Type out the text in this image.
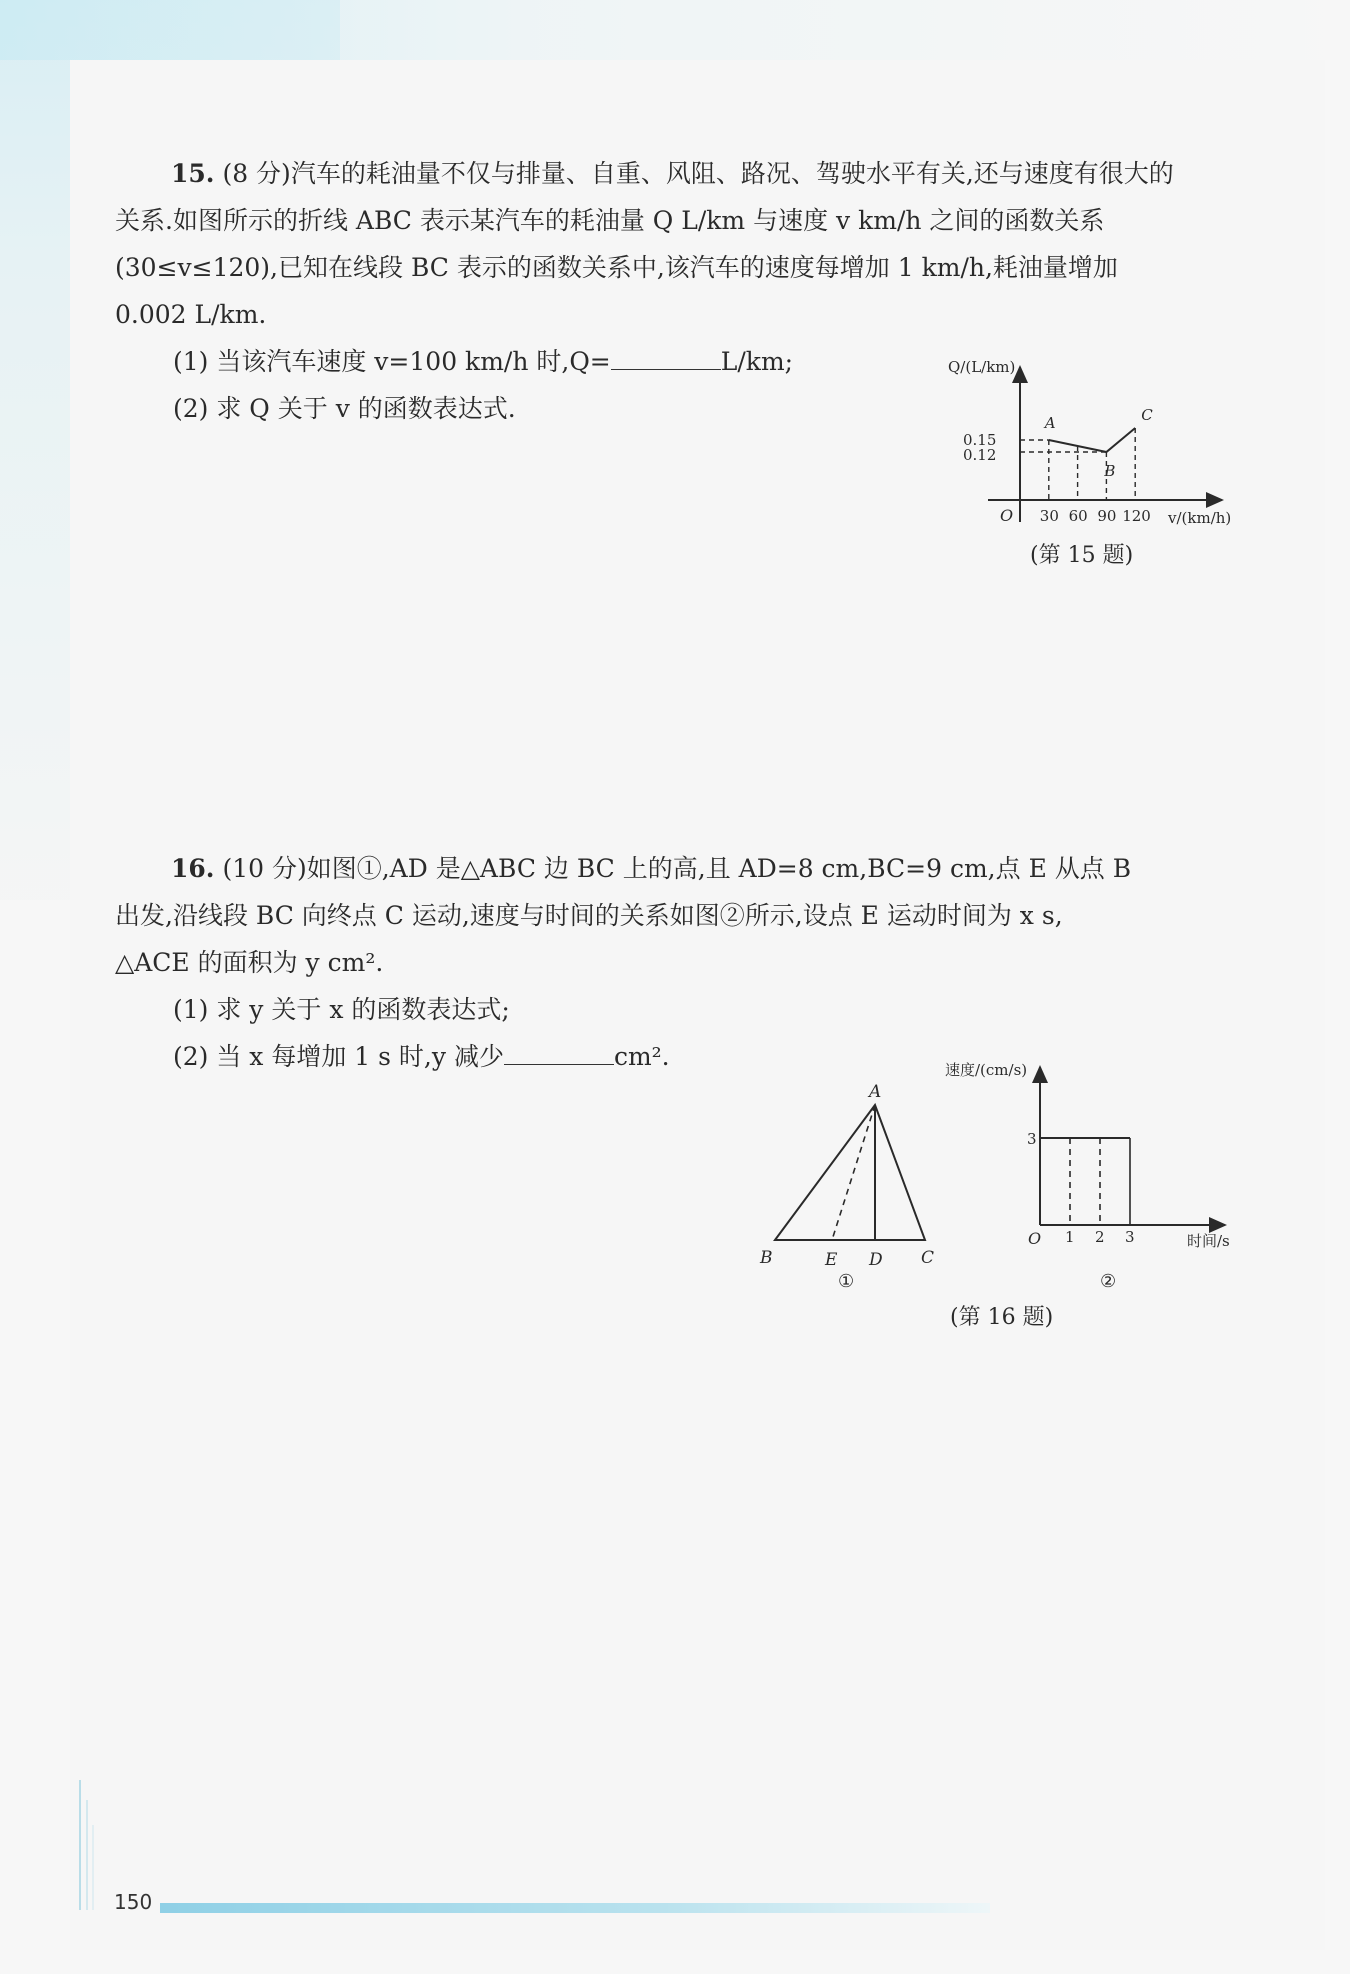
15. (8 分)汽车的耗油量不仅与排量、自重、风阻、路况、驾驶水平有关,还与速度有很大的

关系.如图所示的折线 ABC 表示某汽车的耗油量 Q L/km 与速度 v km/h 之间的函数关系

(30≤v≤120),已知在线段 BC 表示的函数关系中,该汽车的速度每增加 1 km/h,耗油量增加

0.002 L/km.

(1) 当该汽车速度 v=100 km/h 时,Q=	L/km;

(2) 求 Q 关于 v 的函数表达式.

Q/(L/km)
v/(km/h)
O 30 60 90 120
0.15
0.12
A
B
C
(第 15 题)

16. (10 分)如图①,AD 是△ABC 边 BC 上的高,且 AD=8 cm,BC=9 cm,点 E 从点 B

出发,沿线段 BC 向终点 C 运动,速度与时间的关系如图②所示,设点 E 运动时间为 x s,

△ACE 的面积为 y cm².

(1) 求 y 关于 x 的函数表达式;

(2) 当 x 每增加 1 s 时,y 减少	cm².

A
B	E D C
①
速度/(cm/s)
时间/s
O
3
1 2 3
②
(第 16 题)
150
